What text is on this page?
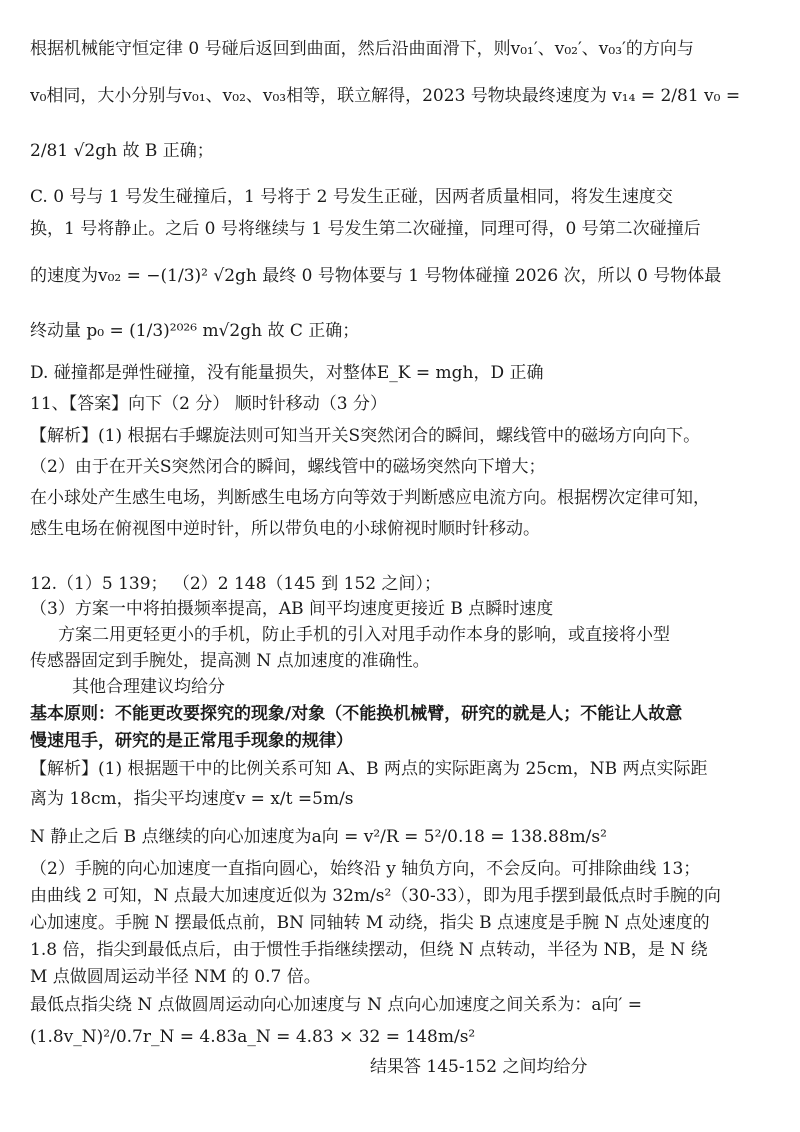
根据机械能守恒定律 0 号碰后返回到曲面，然后沿曲面滑下，则v₀₁′、v₀₂′、v₀₃′的方向与
v₀相同，大小分别与v₀₁、v₀₂、v₀₃相等，联立解得，2023 号物块最终速度为 v₁₄ = 2/81 v₀ =
2/81 √2gh 故 B 正确；
C. 0 号与 1 号发生碰撞后，1 号将于 2 号发生正碰，因两者质量相同，将发生速度交
换，1 号将静止。之后 0 号将继续与 1 号发生第二次碰撞，同理可得，0 号第二次碰撞后
的速度为v₀₂ = −(1/3)² √2gh 最终 0 号物体要与 1 号物体碰撞 2026 次，所以 0 号物体最
终动量 p₀ = (1/3)²⁰²⁶ m√2gh 故 C 正确；
D. 碰撞都是弹性碰撞，没有能量损失，对整体E_K = mgh，D 正确
11、【答案】向下（2 分） 顺时针移动（3 分）
【解析】(1) 根据右手螺旋法则可知当开关S突然闭合的瞬间，螺线管中的磁场方向向下。
（2）由于在开关S突然闭合的瞬间，螺线管中的磁场突然向下增大；
在小球处产生感生电场，判断感生电场方向等效于判断感应电流方向。根据楞次定律可知，
感生电场在俯视图中逆时针，所以带负电的小球俯视时顺时针移动。
12.（1）5 139； （2）2 148（145 到 152 之间）；
（3）方案一中将拍摄频率提高，AB 间平均速度更接近 B 点瞬时速度
方案二用更轻更小的手机，防止手机的引入对甩手动作本身的影响，或直接将小型
传感器固定到手腕处，提高测 N 点加速度的准确性。
其他合理建议均给分
基本原则：不能更改要探究的现象/对象（不能换机械臂，研究的就是人；不能让人故意
慢速甩手，研究的是正常甩手现象的规律）
【解析】(1) 根据题干中的比例关系可知 A、B 两点的实际距离为 25cm，NB 两点实际距
离为 18cm，指尖平均速度v = x/t =5m/s
N 静止之后 B 点继续的向心加速度为a向 = v²/R = 5²/0.18 = 138.88m/s²
（2）手腕的向心加速度一直指向圆心，始终沿 y 轴负方向，不会反向。可排除曲线 13；
由曲线 2 可知，N 点最大加速度近似为 32m/s²（30-33），即为甩手摆到最低点时手腕的向
心加速度。手腕 N 摆最低点前，BN 同轴转 M 动绕，指尖 B 点速度是手腕 N 点处速度的
1.8 倍，指尖到最低点后，由于惯性手指继续摆动，但绕 N 点转动，半径为 NB，是 N 绕
M 点做圆周运动半径 NM 的 0.7 倍。
最低点指尖绕 N 点做圆周运动向心加速度与 N 点向心加速度之间关系为：a向′ =
(1.8v_N)²/0.7r_N = 4.83a_N = 4.83 × 32 = 148m/s²
结果答 145-152 之间均给分
